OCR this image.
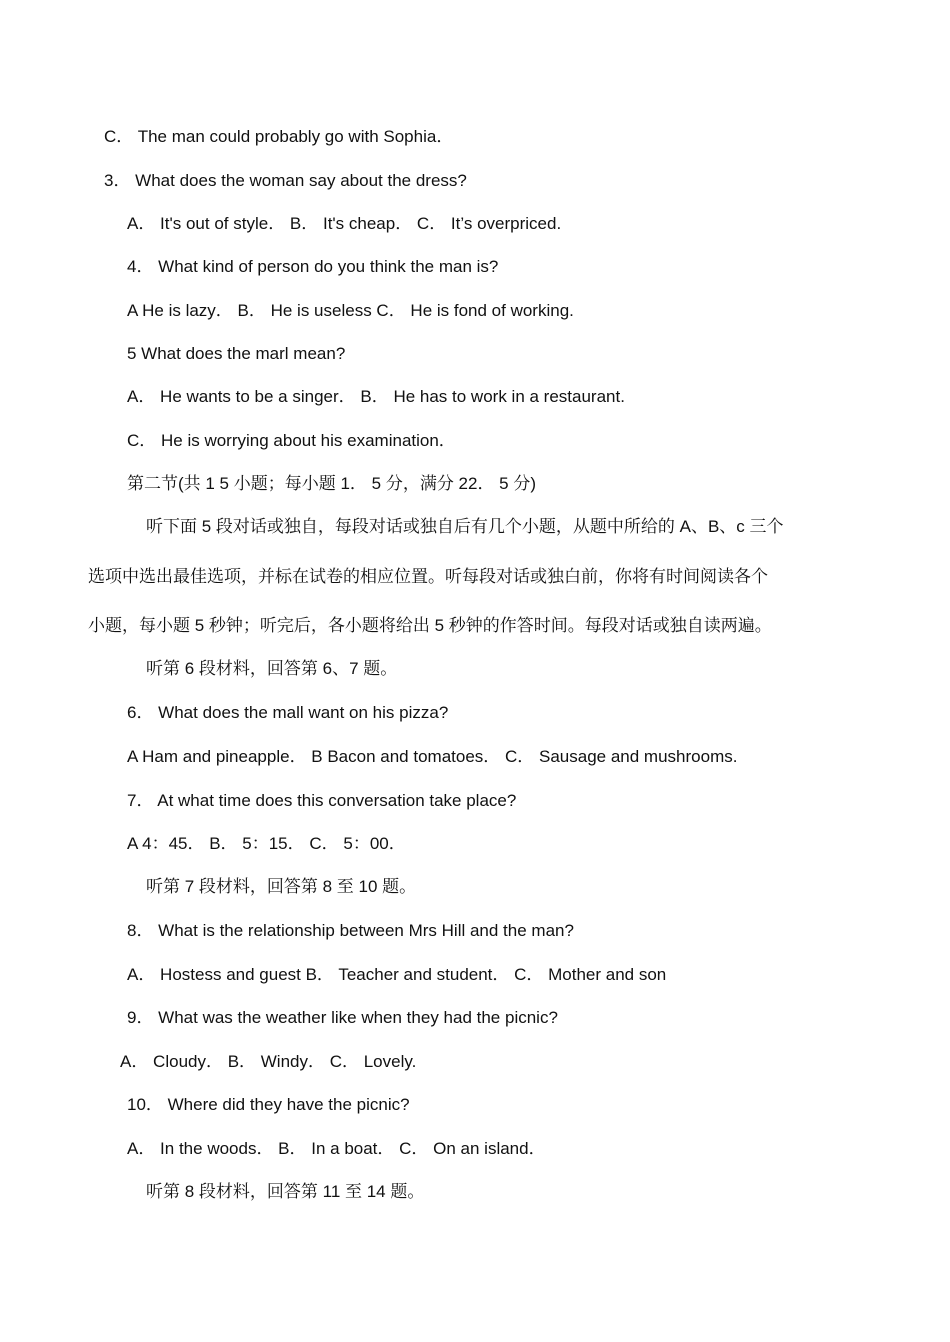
C． The man could probably go with Sophia．
3． What does the woman say about the dress?
A． It's out of style． B． It's cheap． C． It’s overpriced.
4． What kind of person do you think the man is?
A He is lazy． B． He is useless C． He is fond of working.
5 What does the marl mean?
A． He wants to be a singer． B． He has to work in a restaurant.
C． He is worrying about his examination．
第二节(共 1 5 小题；每小题 1． 5 分，满分 22． 5 分)
听下面 5 段对话或独自，每段对话或独自后有几个小题，从题中所给的 A、B、c 三个
选项中选出最佳选项，并标在试卷的相应位置。听每段对话或独白前，你将有时间阅读各个
小题，每小题 5 秒钟；听完后，各小题将给出 5 秒钟的作答时间。每段对话或独自读两遍。
听第 6 段材料，回答第 6、7 题。
6． What does the mall want on his pizza?
A Ham and pineapple． B Bacon and tomatoes． C． Sausage and mushrooms.
7． At what time does this conversation take place?
A 4：45． B． 5：15． C． 5：00．
听第 7 段材料，回答第 8 至 10 题。
8． What is the relationship between Mrs Hill and the man?
A． Hostess and guest B． Teacher and student． C． Mother and son
9． What was the weather like when they had the picnic?
A． Cloudy． B． Windy． C． Lovely.
10． Where did they have the picnic?
A． In the woods． B． In a boat． C． On an island．
听第 8 段材料，回答第 11 至 14 题。
